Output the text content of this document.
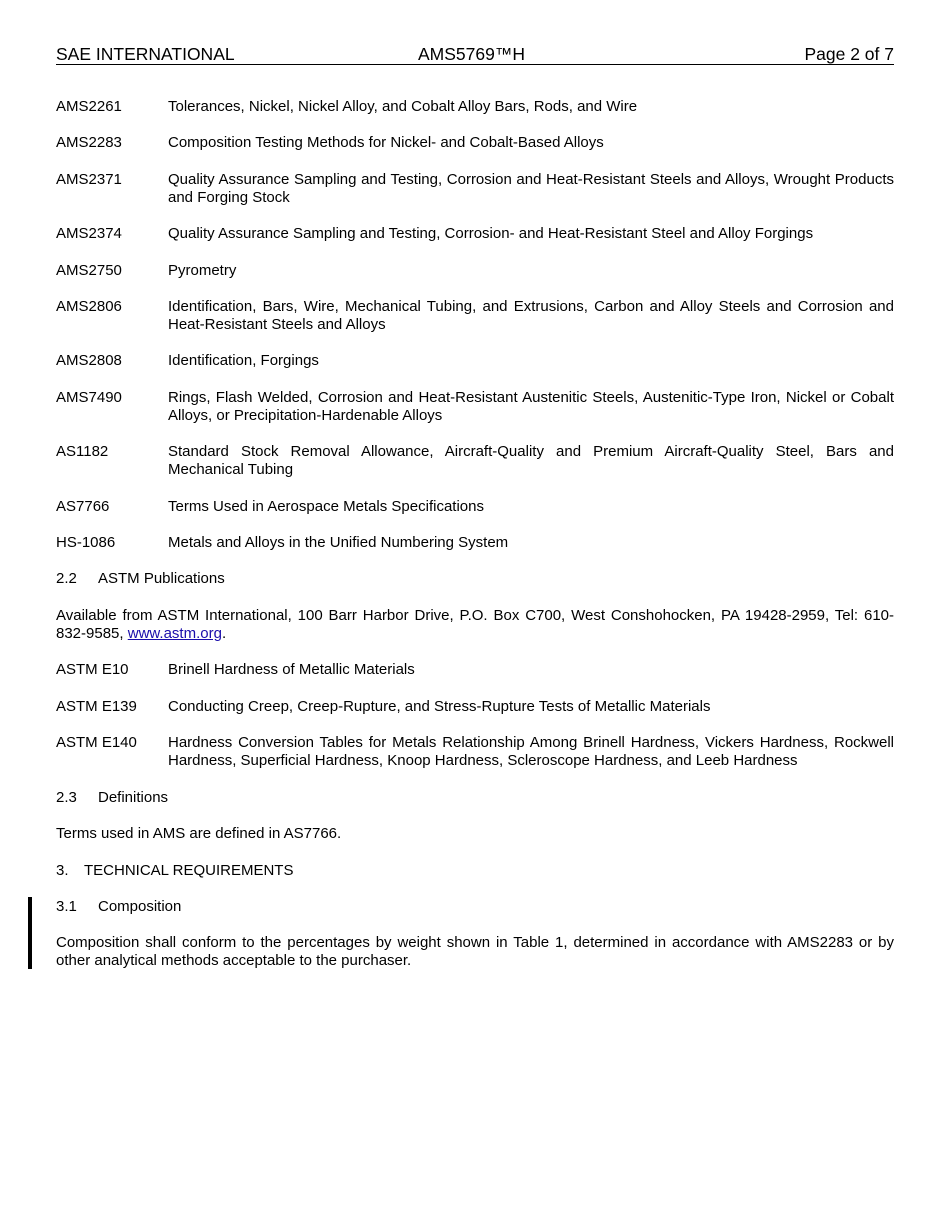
SAE INTERNATIONAL	AMS5769™H	Page 2 of 7
AMS2261	Tolerances, Nickel, Nickel Alloy, and Cobalt Alloy Bars, Rods, and Wire
AMS2283	Composition Testing Methods for Nickel- and Cobalt-Based Alloys
AMS2371	Quality Assurance Sampling and Testing, Corrosion and Heat-Resistant Steels and Alloys, Wrought Products and Forging Stock
AMS2374	Quality Assurance Sampling and Testing, Corrosion- and Heat-Resistant Steel and Alloy Forgings
AMS2750	Pyrometry
AMS2806	Identification, Bars, Wire, Mechanical Tubing, and Extrusions, Carbon and Alloy Steels and Corrosion and Heat-Resistant Steels and Alloys
AMS2808	Identification, Forgings
AMS7490	Rings, Flash Welded, Corrosion and Heat-Resistant Austenitic Steels, Austenitic-Type Iron, Nickel or Cobalt Alloys, or Precipitation-Hardenable Alloys
AS1182	Standard Stock Removal Allowance, Aircraft-Quality and Premium Aircraft-Quality Steel, Bars and Mechanical Tubing
AS7766	Terms Used in Aerospace Metals Specifications
HS-1086	Metals and Alloys in the Unified Numbering System
2.2 ASTM Publications
Available from ASTM International, 100 Barr Harbor Drive, P.O. Box C700, West Conshohocken, PA 19428-2959, Tel: 610-832-9585, www.astm.org.
ASTM E10	Brinell Hardness of Metallic Materials
ASTM E139	Conducting Creep, Creep-Rupture, and Stress-Rupture Tests of Metallic Materials
ASTM E140	Hardness Conversion Tables for Metals Relationship Among Brinell Hardness, Vickers Hardness, Rockwell Hardness, Superficial Hardness, Knoop Hardness, Scleroscope Hardness, and Leeb Hardness
2.3 Definitions
Terms used in AMS are defined in AS7766.
3. TECHNICAL REQUIREMENTS
3.1 Composition
Composition shall conform to the percentages by weight shown in Table 1, determined in accordance with AMS2283 or by other analytical methods acceptable to the purchaser.
